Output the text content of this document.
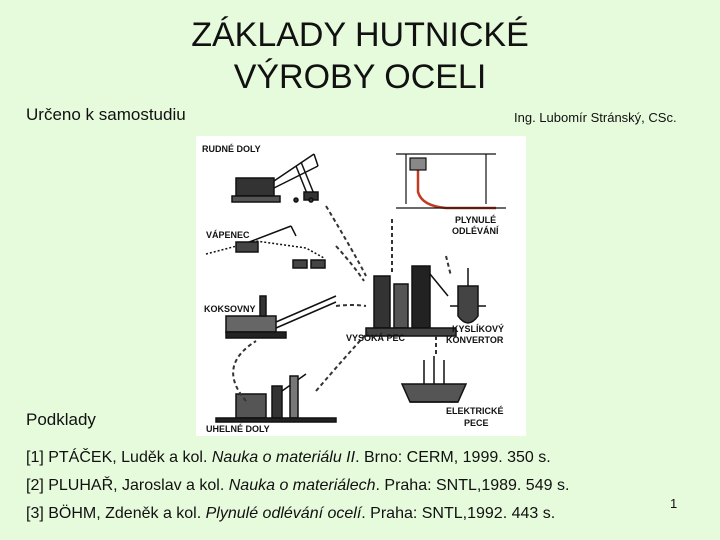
ZÁKLADY HUTNICKÉ
VÝROBY OCELI
Určeno k samostudiu	Ing. Lubomír Stránský, CSc.
RUDNÉ DOLY
VÁPENEC
KOKSOVNY
UHELNÉ DOLY
VYSOKÁ PEC
PLYNULÉ
ODLÉVÁNÍ
KYSLÍKOVÝ
KONVERTOR
ELEKTRICKÉ
PECE
Podklady
[1] PTÁČEK, Luděk a kol. Nauka o materiálu II. Brno: CERM, 1999. 350 s.
[2] PLUHAŘ, Jaroslav a kol. Nauka o materiálech. Praha: SNTL,1989. 549 s.
[3] BÖHM, Zdeněk a kol. Plynulé odlévání ocelí. Praha: SNTL,1992. 443 s.
1
